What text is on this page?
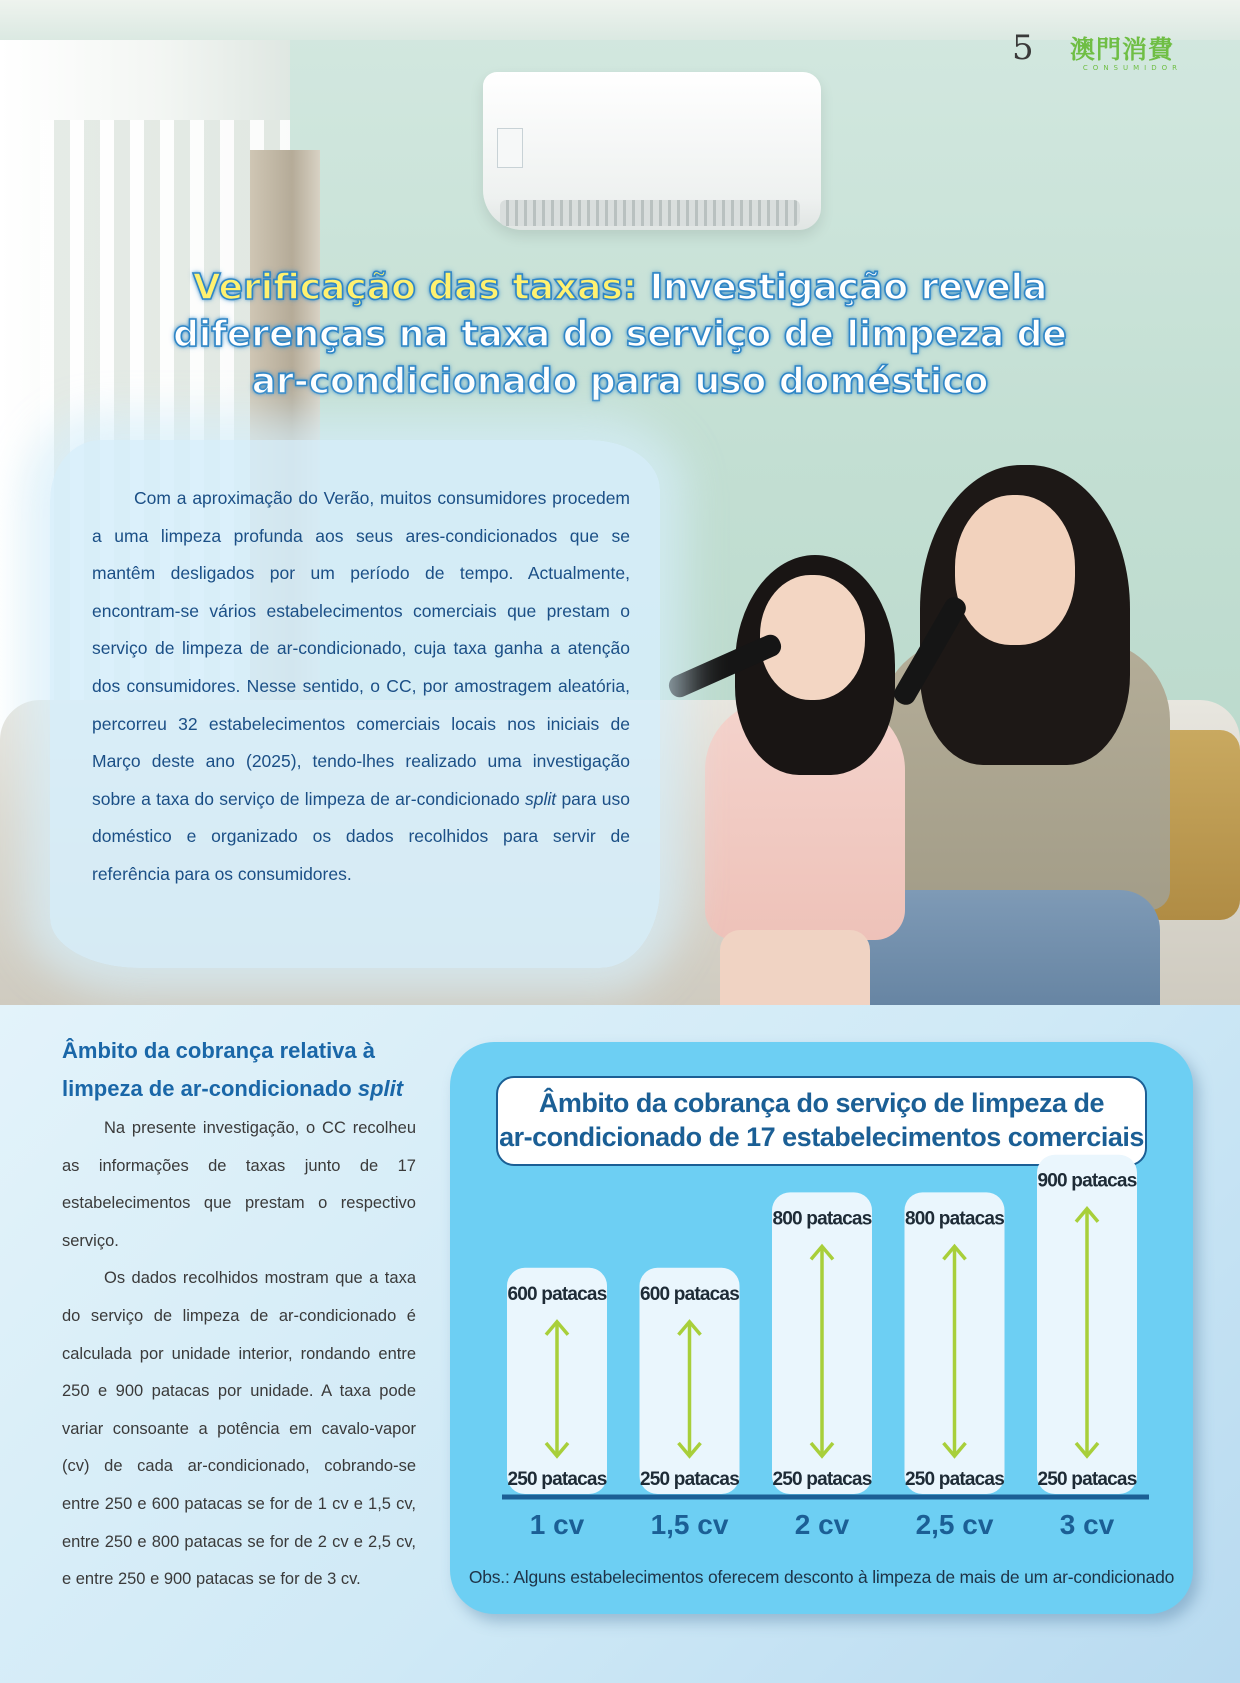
5 澳門消費
CONSUMIDOR
Verificação das taxas: Investigação revela
diferenças na taxa do serviço de limpeza de
ar-condicionado para uso doméstico

Com a aproximação do Verão, muitos consumidores procedem a uma limpeza profunda aos seus ares-condicionados que se mantêm desligados por um período de tempo. Actualmente, encontram-se vários estabelecimentos comerciais que prestam o serviço de limpeza de ar-condicionado, cuja taxa ganha a atenção dos consumidores. Nesse sentido, o CC, por amostragem aleatória, percorreu 32 estabelecimentos comerciais locais nos iniciais de Março deste ano (2025), tendo-lhes realizado uma investigação sobre a taxa do serviço de limpeza de ar-condicionado split para uso doméstico e organizado os dados recolhidos para servir de referência para os consumidores.

Âmbito da cobrança relativa à
limpeza de ar-condicionado split

Na presente investigação, o CC recolheu as informações de taxas junto de 17 estabelecimentos que prestam o respectivo serviço.

Os dados recolhidos mostram que a taxa do serviço de limpeza de ar-condicionado é calculada por unidade interior, rondando entre 250 e 900 patacas por unidade. A taxa pode variar consoante a potência em cavalo-vapor (cv) de cada ar-condicionado, cobrando-se entre 250 e 600 patacas se for de 1 cv e 1,5 cv, entre 250 e 800 patacas se for de 2 cv e 2,5 cv, e entre 250 e 900 patacas se for de 3 cv.

Âmbito da cobrança do serviço de limpeza de
ar-condicionado de 17 estabelecimentos comerciais
600 patacas
250 patacas
1 cv
600 patacas
250 patacas
1,5 cv
800 patacas
250 patacas
2 cv
800 patacas
250 patacas
2,5 cv
900 patacas
250 patacas
3 cv
Obs.: Alguns estabelecimentos oferecem desconto à limpeza de mais de um ar-condicionado
